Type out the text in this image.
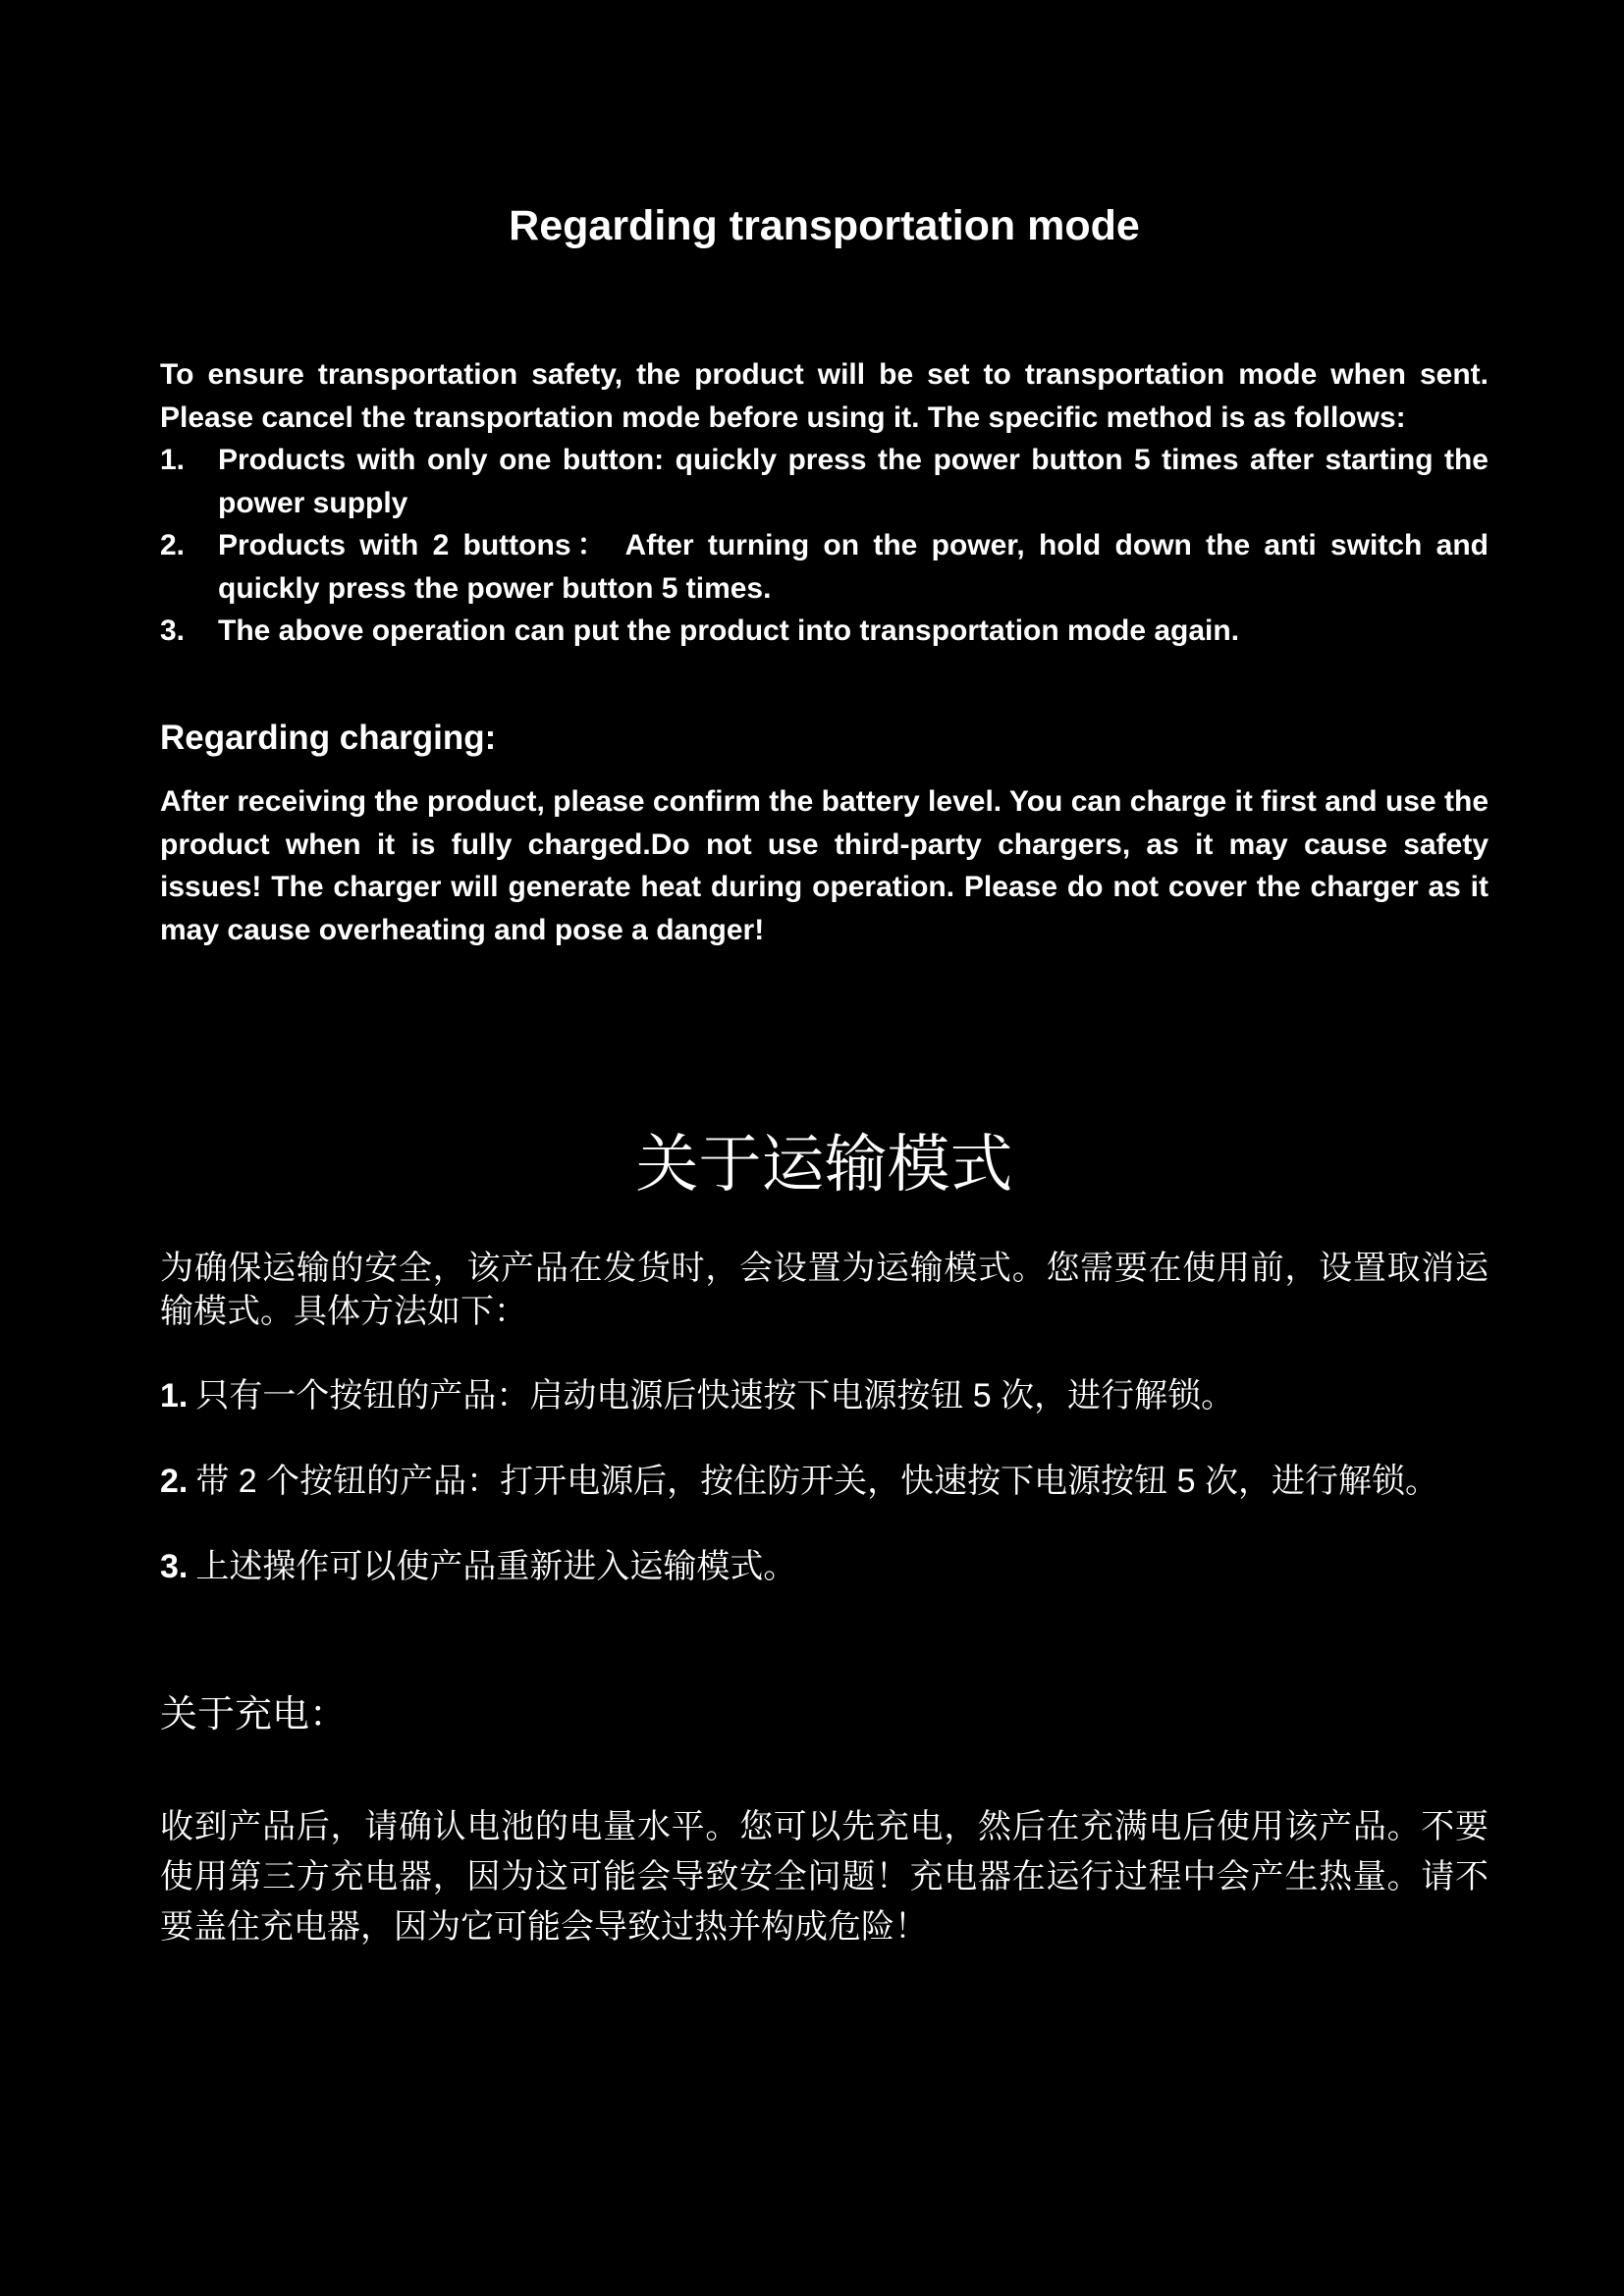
Regarding transportation mode

To ensure transportation safety, the product will be set to transportation mode when sent. Please cancel the transportation mode before using it. The specific method is as follows:

1. Products with only one button: quickly press the power button 5 times after starting the power supply
2. Products with 2 buttons： After turning on the power, hold down the anti switch and quickly press the power button 5 times.
3. The above operation can put the product into transportation mode again.
Regarding charging:

After receiving the product, please confirm the battery level. You can charge it first and use the product when it is fully charged.Do not use third-party chargers, as it may cause safety issues! The charger will generate heat during operation. Please do not cover the charger as it may cause overheating and pose a danger!

关于运输模式

为确保运输的安全，该产品在发货时，会设置为运输模式。您需要在使用前，设置取消运输模式。具体方法如下：

1. 只有一个按钮的产品：启动电源后快速按下电源按钮 5 次，进行解锁。
2. 带 2 个按钮的产品：打开电源后，按住防开关，快速按下电源按钮 5 次，进行解锁。
3. 上述操作可以使产品重新进入运输模式。
关于充电：

收到产品后，请确认电池的电量水平。您可以先充电，然后在充满电后使用该产品。不要使用第三方充电器，因为这可能会导致安全问题！充电器在运行过程中会产生热量。请不要盖住充电器，因为它可能会导致过热并构成危险！
